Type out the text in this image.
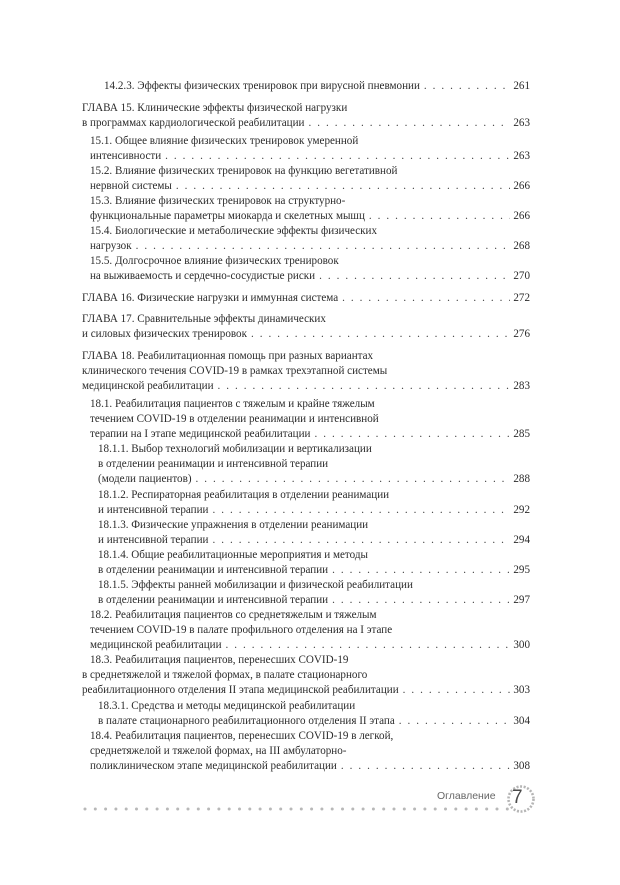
14.2.3. Эффекты физических тренировок при вирусной пневмонии . . .	261
ГЛАВА 15. Клинические эффекты физической нагрузки
в программах кардиологической реабилитации . . .	263
15.1. Общее влияние физических тренировок умеренной
интенсивности . . .	263
15.2. Влияние физических тренировок на функцию вегетативной
нервной системы . . .	266
15.3. Влияние физических тренировок на структурно-
функциональные параметры миокарда и скелетных мышц . . .	266
15.4. Биологические и метаболические эффекты физических
нагрузок . . .	268
15.5. Долгосрочное влияние физических тренировок
на выживаемость и сердечно-сосудистые риски . . .	270
ГЛАВА 16. Физические нагрузки и иммунная система . . .	272
ГЛАВА 17. Сравнительные эффекты динамических
и силовых физических тренировок . . .	276
ГЛАВА 18. Реабилитационная помощь при разных вариантах
клинического течения COVID-19 в рамках трехэтапной системы
медицинской реабилитации . . .	283
18.1. Реабилитация пациентов с тяжелым и крайне тяжелым
течением COVID-19 в отделении реанимации и интенсивной
терапии на I этапе медицинской реабилитации . . .	285
18.1.1. Выбор технологий мобилизации и вертикализации
в отделении реанимации и интенсивной терапии
(модели пациентов) . . .	288
18.1.2. Респираторная реабилитация в отделении реанимации
и интенсивной терапии . . .	292
18.1.3. Физические упражнения в отделении реанимации
и интенсивной терапии . . .	294
18.1.4. Общие реабилитационные мероприятия и методы
в отделении реанимации и интенсивной терапии . . .	295
18.1.5. Эффекты ранней мобилизации и физической реабилитации
в отделении реанимации и интенсивной терапии . . .	297
18.2. Реабилитация пациентов со среднетяжелым и тяжелым
течением COVID-19 в палате профильного отделения на I этапе
медицинской реабилитации . . .	300
18.3. Реабилитация пациентов, перенесших COVID-19
в среднетяжелой и тяжелой формах, в палате стационарного
реабилитационного отделения II этапа медицинской реабилитации . . .	303
18.3.1. Средства и методы медицинской реабилитации
в палате стационарного реабилитационного отделения II этапа . . .	304
18.4. Реабилитация пациентов, перенесших COVID-19 в легкой,
среднетяжелой и тяжелой формах, на III амбулаторно-
поликлиническом этапе медицинской реабилитации . . .	308
Оглавление 7
